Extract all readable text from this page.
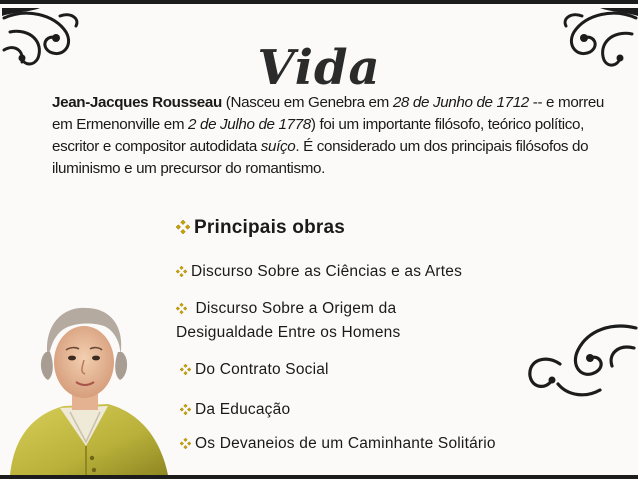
Vida

Jean-Jacques Rousseau (Nasceu em Genebra em 28 de Junho de 1712 -- e morreu em Ermenonville em 2 de Julho de 1778) foi um importante filósofo, teórico político, escritor e compositor autodidata suíço. É considerado um dos principais filósofos do iluminismo e um precursor do romantismo.

Principais obras
Discurso Sobre as Ciências e as Artes
Discurso Sobre a Origem da
Desigualdade Entre os Homens
Do Contrato Social
Da Educação
Os Devaneios de um Caminhante Solitário
